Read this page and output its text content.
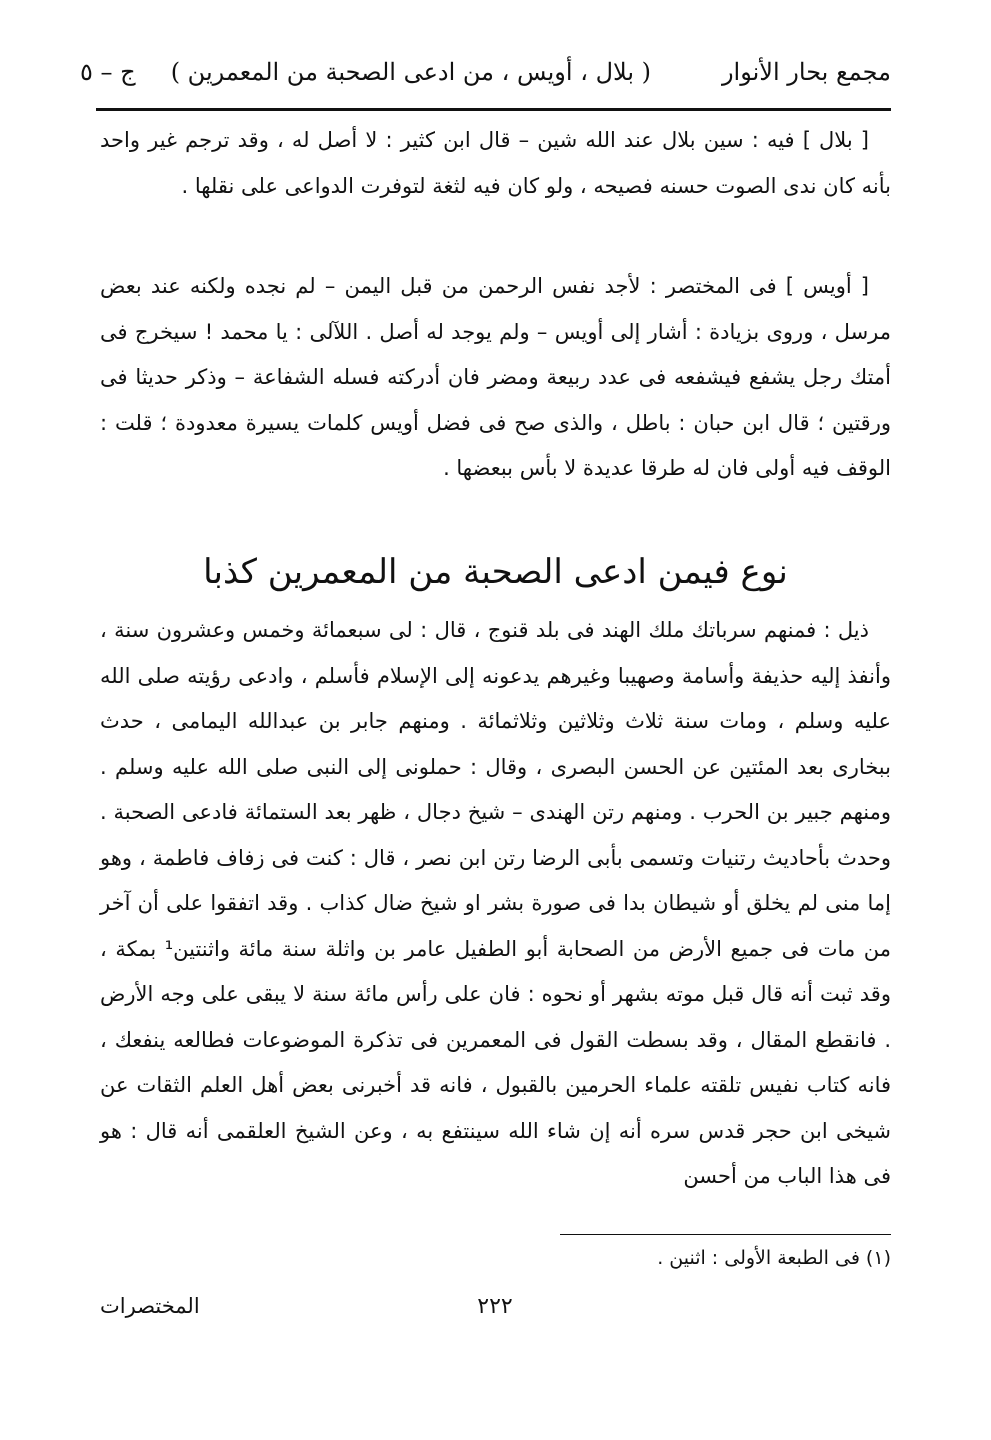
مجمع بحار الأنوار
( بلال ، أويس ، من ادعى الصحبة من المعمرين )
ج – ٥

[ بلال ] فيه : سين بلال عند الله شين – قال ابن كثير : لا أصل له ، وقد ترجم غير واحد بأنه كان ندى الصوت حسنه فصيحه ، ولو كان فيه لثغة لتوفرت الدواعى على نقلها .

[ أويس ] فى المختصر : لأجد نفس الرحمن من قبل اليمن – لم نجده ولكنه عند بعض مرسل ، وروى بزيادة : أشار إلى أويس – ولم يوجد له أصل . اللآلى : يا محمد ! سيخرج فى أمتك رجل يشفع فيشفعه فى عدد ربيعة ومضر فان أدركته فسله الشفاعة – وذكر حديثا فى ورقتين ؛ قال ابن حبان : باطل ، والذى صح فى فضل أويس كلمات يسيرة معدودة ؛ قلت : الوقف فيه أولى فان له طرقا عديدة لا بأس ببعضها .

نوع فيمن ادعى الصحبة من المعمرين كذبا

ذيل : فمنهم سرباتك ملك الهند فى بلد قنوج ، قال : لى سبعمائة وخمس وعشرون سنة ، وأنفذ إليه حذيفة وأسامة وصهيبا وغيرهم يدعونه إلى الإسلام فأسلم ، وادعى رؤيته صلى الله عليه وسلم ، ومات سنة ثلاث وثلاثين وثلاثمائة . ومنهم جابر بن عبدالله اليمامى ، حدث ببخارى بعد المئتين عن الحسن البصرى ، وقال : حملونى إلى النبى صلى الله عليه وسلم . ومنهم جبير بن الحرب . ومنهم رتن الهندى – شيخ دجال ، ظهر بعد الستمائة فادعى الصحبة . وحدث بأحاديث رتنيات وتسمى بأبى الرضا رتن ابن نصر ، قال : كنت فى زفاف فاطمة ، وهو إما منى لم يخلق أو شيطان بدا فى صورة بشر او شيخ ضال كذاب . وقد اتفقوا على أن آخر من مات فى جميع الأرض من الصحابة أبو الطفيل عامر بن واثلة سنة مائة واثنتين¹ بمكة ، وقد ثبت أنه قال قبل موته بشهر أو نحوه : فان على رأس مائة سنة لا يبقى على وجه الأرض . فانقطع المقال ، وقد بسطت القول فى المعمرين فى تذكرة الموضوعات فطالعه ينفعك ، فانه كتاب نفيس تلقته علماء الحرمين بالقبول ، فانه قد أخبرنى بعض أهل العلم الثقات عن شيخى ابن حجر قدس سره أنه إن شاء الله سينتفع به ، وعن الشيخ العلقمى أنه قال : هو فى هذا الباب من أحسن

(١) فى الطبعة الأولى : اثنين .
٢٢٢
المختصرات
